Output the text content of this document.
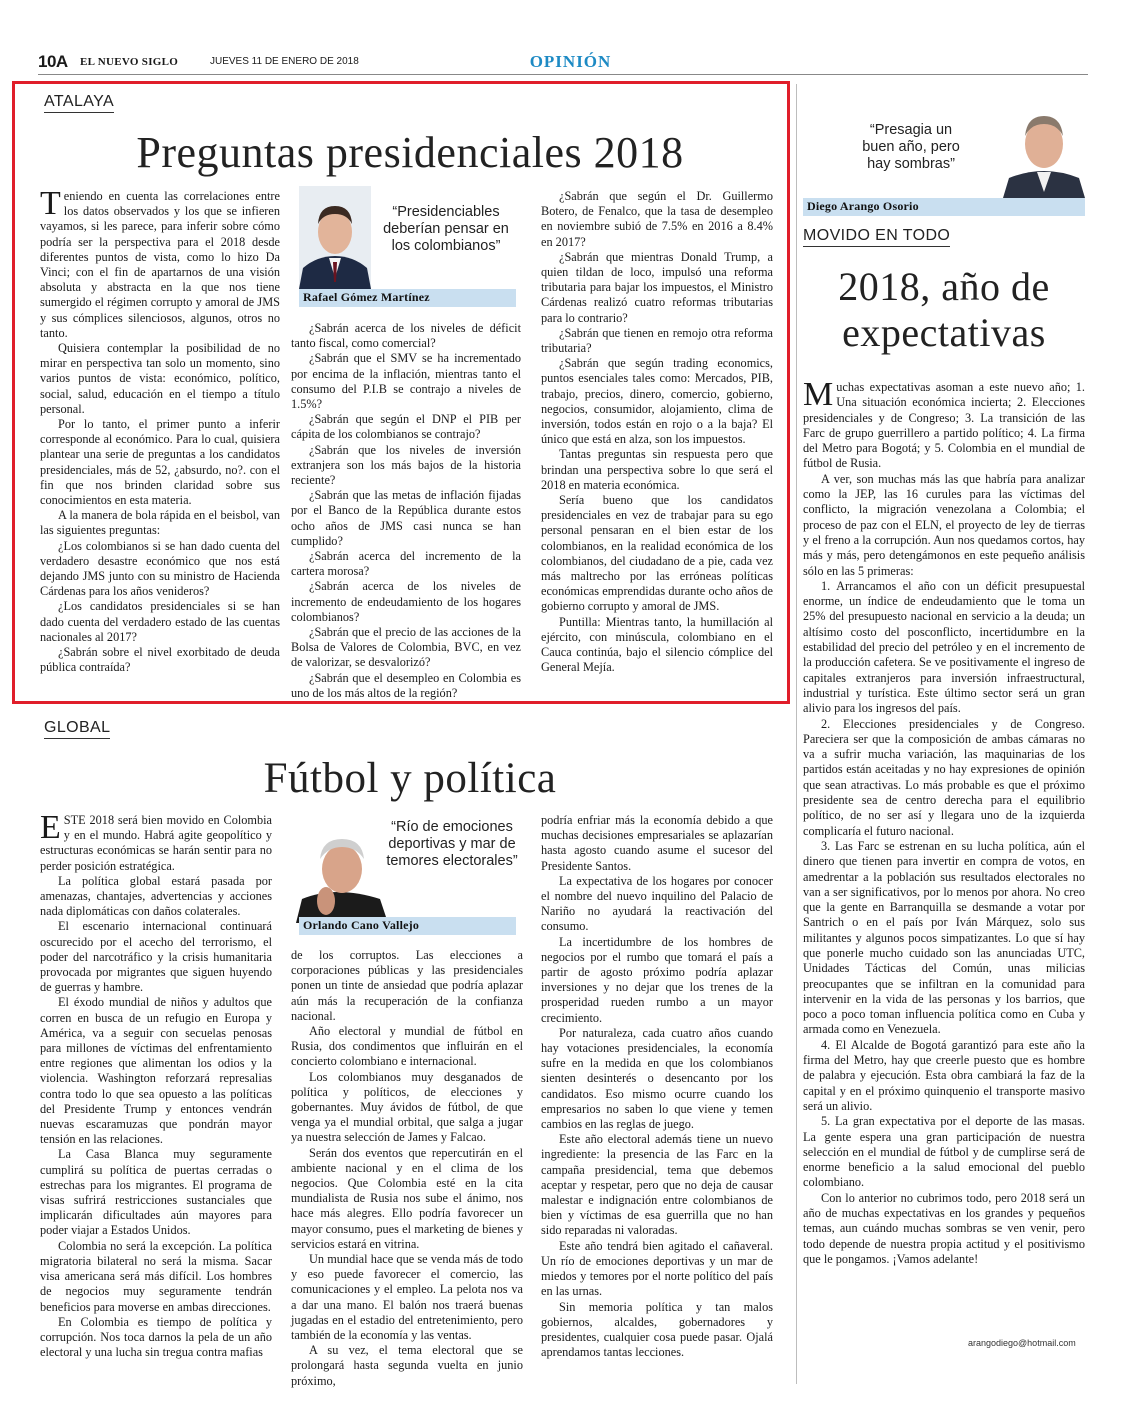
10A EL NUEVO SIGLO	JUEVES 11 DE ENERO DE 2018	OPINIÓN
ATALAYA
Preguntas presidenciales 2018

Teniendo en cuenta las correlaciones entre los datos observados y los que se infieren vayamos, si les parece, para inferir sobre cómo podría ser la perspectiva para el 2018 desde diferentes puntos de vista, como lo hizo Da Vinci; con el fin de apartarnos de una visión absoluta y abstracta en la que nos tiene sumergido el régimen corrupto y amoral de JMS y sus cómplices silenciosos, algunos, otros no tanto.

Quisiera contemplar la posibilidad de no mirar en perspectiva tan solo un momento, sino varios puntos de vista: económico, político, social, salud, educación en el tiempo a título personal.

Por lo tanto, el primer punto a inferir corresponde al económico. Para lo cual, quisiera plantear una serie de preguntas a los candidatos presidenciales, más de 52, ¿absurdo, no?. con el fin que nos brinden claridad sobre sus conocimientos en esta materia.

A la manera de bola rápida en el beisbol, van las siguientes preguntas:

¿Los colombianos si se han dado cuenta del verdadero desastre económico que nos está dejando JMS junto con su ministro de Hacienda Cárdenas para los años venideros?

¿Los candidatos presidenciales si se han dado cuenta del verdadero estado de las cuentas nacionales al 2017?

¿Sabrán sobre el nivel exorbitado de deuda pública contraída?

“Presidenciables deberían pensar en los colombianos”
Rafael Gómez Martínez

¿Sabrán acerca de los niveles de déficit tanto fiscal, como comercial?

¿Sabrán que el SMV se ha incrementado por encima de la inflación, mientras tanto el consumo del P.I.B se contrajo a niveles de 1.5%?

¿Sabrán que según el DNP el PIB per cápita de los colombianos se contrajo?

¿Sabrán que los niveles de inversión extranjera son los más bajos de la historia reciente?

¿Sabrán que las metas de inflación fijadas por el Banco de la República durante estos ocho años de JMS casi nunca se han cumplido?

¿Sabrán acerca del incremento de la cartera morosa?

¿Sabrán acerca de los niveles de incremento de endeudamiento de los hogares colombianos?

¿Sabrán que el precio de las acciones de la Bolsa de Valores de Colombia, BVC, en vez de valorizar, se desvalorizó?

¿Sabrán que el desempleo en Colombia es uno de los más altos de la región?

¿Sabrán que según el Dr. Guillermo Botero, de Fenalco, que la tasa de desempleo en noviembre subió de 7.5% en 2016 a 8.4% en 2017?

¿Sabrán que mientras Donald Trump, a quien tildan de loco, impulsó una reforma tributaria para bajar los impuestos, el Ministro Cárdenas realizó cuatro reformas tributarias para lo contrario?

¿Sabrán que tienen en remojo otra reforma tributaria?

¿Sabrán que según trading economics, puntos esenciales tales como: Mercados, PIB, trabajo, precios, dinero, comercio, gobierno, negocios, consumidor, alojamiento, clima de inversión, todos están en rojo o a la baja? El único que está en alza, son los impuestos.

Tantas preguntas sin respuesta pero que brindan una perspectiva sobre lo que será el 2018 en materia económica.

Sería bueno que los candidatos presidenciales en vez de trabajar para su ego personal pensaran en el bien estar de los colombianos, en la realidad económica de los colombianos, del ciudadano de a pie, cada vez más maltrecho por las erróneas políticas económicas emprendidas durante ocho años de gobierno corrupto y amoral de JMS.

Puntilla: Mientras tanto, la humillación al ejército, con minúscula, colombiano en el Cauca continúa, bajo el silencio cómplice del General Mejía.

GLOBAL
Fútbol y política

ESTE 2018 será bien movido en Colombia y en el mundo. Habrá agite geopolítico y estructuras económicas se harán sentir para no perder posición estratégica.

La política global estará pasada por amenazas, chantajes, advertencias y acciones nada diplomáticas con daños colaterales.

El escenario internacional continuará oscurecido por el acecho del terrorismo, el poder del narcotráfico y la crisis humanitaria provocada por migrantes que siguen huyendo de guerras y hambre.

El éxodo mundial de niños y adultos que corren en busca de un refugio en Europa y América, va a seguir con secuelas penosas para millones de víctimas del enfrentamiento entre regiones que alimentan los odios y la violencia. Washington reforzará represalias contra todo lo que sea opuesto a las políticas del Presidente Trump y entonces vendrán nuevas escaramuzas que pondrán mayor tensión en las relaciones.

La Casa Blanca muy seguramente cumplirá su política de puertas cerradas o estrechas para los migrantes. El programa de visas sufrirá restricciones sustanciales que implicarán dificultades aún mayores para poder viajar a Estados Unidos.

Colombia no será la excepción. La política migratoria bilateral no será la misma. Sacar visa americana será más difícil. Los hombres de negocios muy seguramente tendrán beneficios para moverse en ambas direcciones.

En Colombia es tiempo de política y corrupción. Nos toca darnos la pela de un año electoral y una lucha sin tregua contra mafias

“Río de emociones deportivas y mar de temores electorales”
Orlando Cano Vallejo

de los corruptos. Las elecciones a corporaciones públicas y las presidenciales ponen un tinte de ansiedad que podría aplazar aún más la recuperación de la confianza nacional.

Año electoral y mundial de fútbol en Rusia, dos condimentos que influirán en el concierto colombiano e internacional.

Los colombianos muy desganados de política y políticos, de elecciones y gobernantes. Muy ávidos de fútbol, de que venga ya el mundial orbital, que salga a jugar ya nuestra selección de James y Falcao.

Serán dos eventos que repercutirán en el ambiente nacional y en el clima de los negocios. Que Colombia esté en la cita mundialista de Rusia nos sube el ánimo, nos hace más alegres. Ello podría favorecer un mayor consumo, pues el marketing de bienes y servicios estará en vitrina.

Un mundial hace que se venda más de todo y eso puede favorecer el comercio, las comunicaciones y el empleo. La pelota nos va a dar una mano. El balón nos traerá buenas jugadas en el estadio del entretenimiento, pero también de la economía y las ventas.

A su vez, el tema electoral que se prolongará hasta segunda vuelta en junio próximo,

podría enfriar más la economía debido a que muchas decisiones empresariales se aplazarían hasta agosto cuando asume el sucesor del Presidente Santos.

La expectativa de los hogares por conocer el nombre del nuevo inquilino del Palacio de Nariño no ayudará la reactivación del consumo.

La incertidumbre de los hombres de negocios por el rumbo que tomará el país a partir de agosto próximo podría aplazar inversiones y no dejar que los trenes de la prosperidad rueden rumbo a un mayor crecimiento.

Por naturaleza, cada cuatro años cuando hay votaciones presidenciales, la economía sufre en la medida en que los colombianos sienten desinterés o desencanto por los candidatos. Eso mismo ocurre cuando los empresarios no saben lo que viene y temen cambios en las reglas de juego.

Este año electoral además tiene un nuevo ingrediente: la presencia de las Farc en la campaña presidencial, tema que debemos aceptar y respetar, pero que no deja de causar malestar e indignación entre colombianos de bien y víctimas de esa guerrilla que no han sido reparadas ni valoradas.

Este año tendrá bien agitado el cañaveral. Un río de emociones deportivas y un mar de miedos y temores por el norte político del país en las urnas.

Sin memoria política y tan malos gobiernos, alcaldes, gobernadores y presidentes, cualquier cosa puede pasar. Ojalá aprendamos tantas lecciones.

“Presagia un buen año, pero hay sombras”
Diego Arango Osorio
MOVIDO EN TODO
2018, año de
expectativas

Muchas expectativas asoman a este nuevo año; 1. Una situación económica incierta; 2. Elecciones presidenciales y de Congreso; 3. La transición de las Farc de grupo guerrillero a partido político; 4. La firma del Metro para Bogotá; y 5. Colombia en el mundial de fútbol de Rusia.

A ver, son muchas más las que habría para analizar como la JEP, las 16 curules para las víctimas del conflicto, la migración venezolana a Colombia; el proceso de paz con el ELN, el proyecto de ley de tierras y el freno a la corrupción. Aun nos quedamos cortos, hay más y más, pero detengámonos en este pequeño análisis sólo en las 5 primeras:

1. Arrancamos el año con un déficit presupuestal enorme, un índice de endeudamiento que le toma un 25% del presupuesto nacional en servicio a la deuda; un altísimo costo del posconflicto, incertidumbre en la estabilidad del precio del petróleo y en el incremento de la producción cafetera. Se ve positivamente el ingreso de capitales extranjeros para inversión infraestructural, industrial y turística. Este último sector será un gran alivio para los ingresos del país.

2. Elecciones presidenciales y de Congreso. Pareciera ser que la composición de ambas cámaras no va a sufrir mucha variación, las maquinarias de los partidos están aceitadas y no hay expresiones de opinión que sean atractivas. Lo más probable es que el próximo presidente sea de centro derecha para el equilibrio político, de no ser así y llegara uno de la izquierda complicaría el futuro nacional.

3. Las Farc se estrenan en su lucha política, aún el dinero que tienen para invertir en compra de votos, en amedrentar a la población sus resultados electorales no van a ser significativos, por lo menos por ahora. No creo que la gente en Barranquilla se desmande a votar por Santrich o en el país por Iván Márquez, solo sus militantes y algunos pocos simpatizantes. Lo que sí hay que ponerle mucho cuidado son las anunciadas UTC, Unidades Tácticas del Común, unas milicias preocupantes que se infiltran en la comunidad para intervenir en la vida de las personas y los barrios, que poco a poco toman influencia política como en Cuba y armada como en Venezuela.

4. El Alcalde de Bogotá garantizó para este año la firma del Metro, hay que creerle puesto que es hombre de palabra y ejecución. Esta obra cambiará la faz de la capital y en el próximo quinquenio el transporte masivo será un alivio.

5. La gran expectativa por el deporte de las masas. La gente espera una gran participación de nuestra selección en el mundial de fútbol y de cumplirse será de enorme beneficio a la salud emocional del pueblo colombiano.

Con lo anterior no cubrimos todo, pero 2018 será un año de muchas expectativas en los grandes y pequeños temas, aun cuándo muchas sombras se ven venir, pero todo depende de nuestra propia actitud y el positivismo que le pongamos. ¡Vamos adelante!

arangodiego@hotmail.com
